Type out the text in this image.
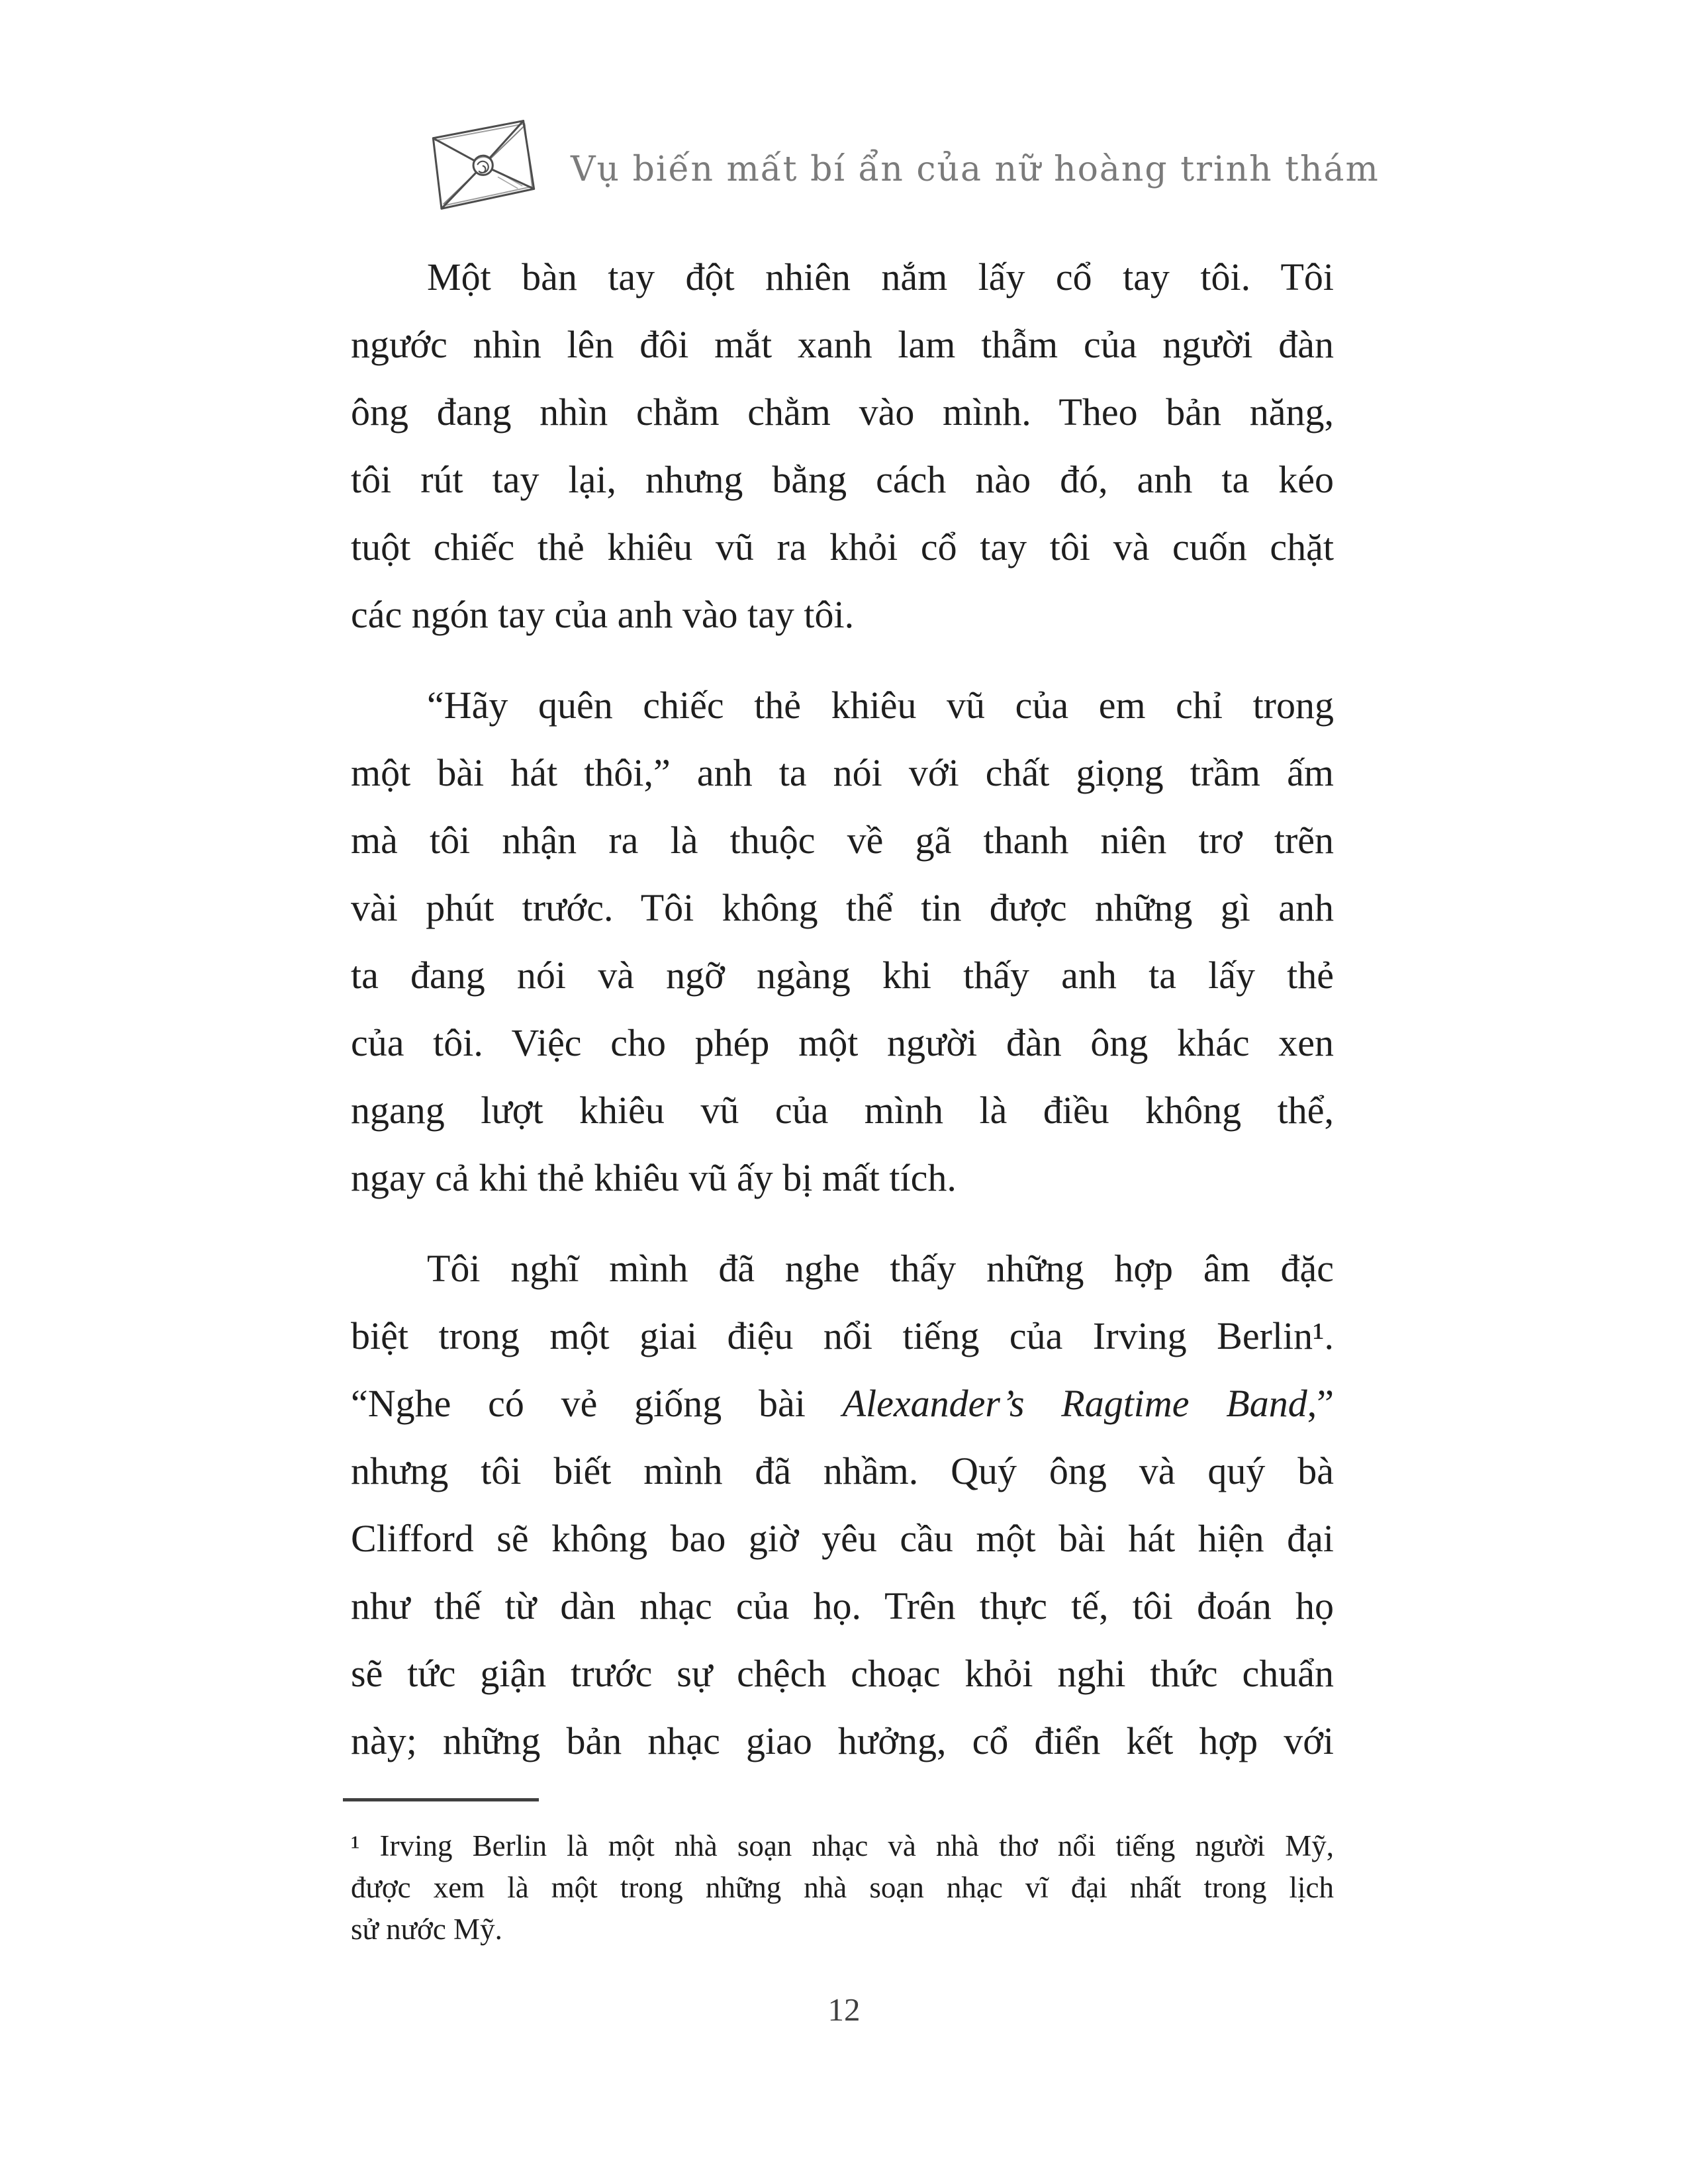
Vụ biến mất bí ẩn của nữ hoàng trinh thám
Một bàn tay đột nhiên nắm lấy cổ tay tôi. Tôi
ngước nhìn lên đôi mắt xanh lam thẫm của người đàn
ông đang nhìn chằm chằm vào mình. Theo bản năng,
tôi rút tay lại, nhưng bằng cách nào đó, anh ta kéo
tuột chiếc thẻ khiêu vũ ra khỏi cổ tay tôi và cuốn chặt
các ngón tay của anh vào tay tôi.
“Hãy quên chiếc thẻ khiêu vũ của em chỉ trong
một bài hát thôi,” anh ta nói với chất giọng trầm ấm
mà tôi nhận ra là thuộc về gã thanh niên trơ trẽn
vài phút trước. Tôi không thể tin được những gì anh
ta đang nói và ngỡ ngàng khi thấy anh ta lấy thẻ
của tôi. Việc cho phép một người đàn ông khác xen
ngang lượt khiêu vũ của mình là điều không thể,
ngay cả khi thẻ khiêu vũ ấy bị mất tích.
Tôi nghĩ mình đã nghe thấy những hợp âm đặc
biệt trong một giai điệu nổi tiếng của Irving Berlin¹.
“Nghe có vẻ giống bài Alexander’s Ragtime Band,”
nhưng tôi biết mình đã nhầm. Quý ông và quý bà
Clifford sẽ không bao giờ yêu cầu một bài hát hiện đại
như thế từ dàn nhạc của họ. Trên thực tế, tôi đoán họ
sẽ tức giận trước sự chệch choạc khỏi nghi thức chuẩn
này; những bản nhạc giao hưởng, cổ điển kết hợp với
¹ Irving Berlin là một nhà soạn nhạc và nhà thơ nổi tiếng người Mỹ,
được xem là một trong những nhà soạn nhạc vĩ đại nhất trong lịch
sử nước Mỹ.
12
